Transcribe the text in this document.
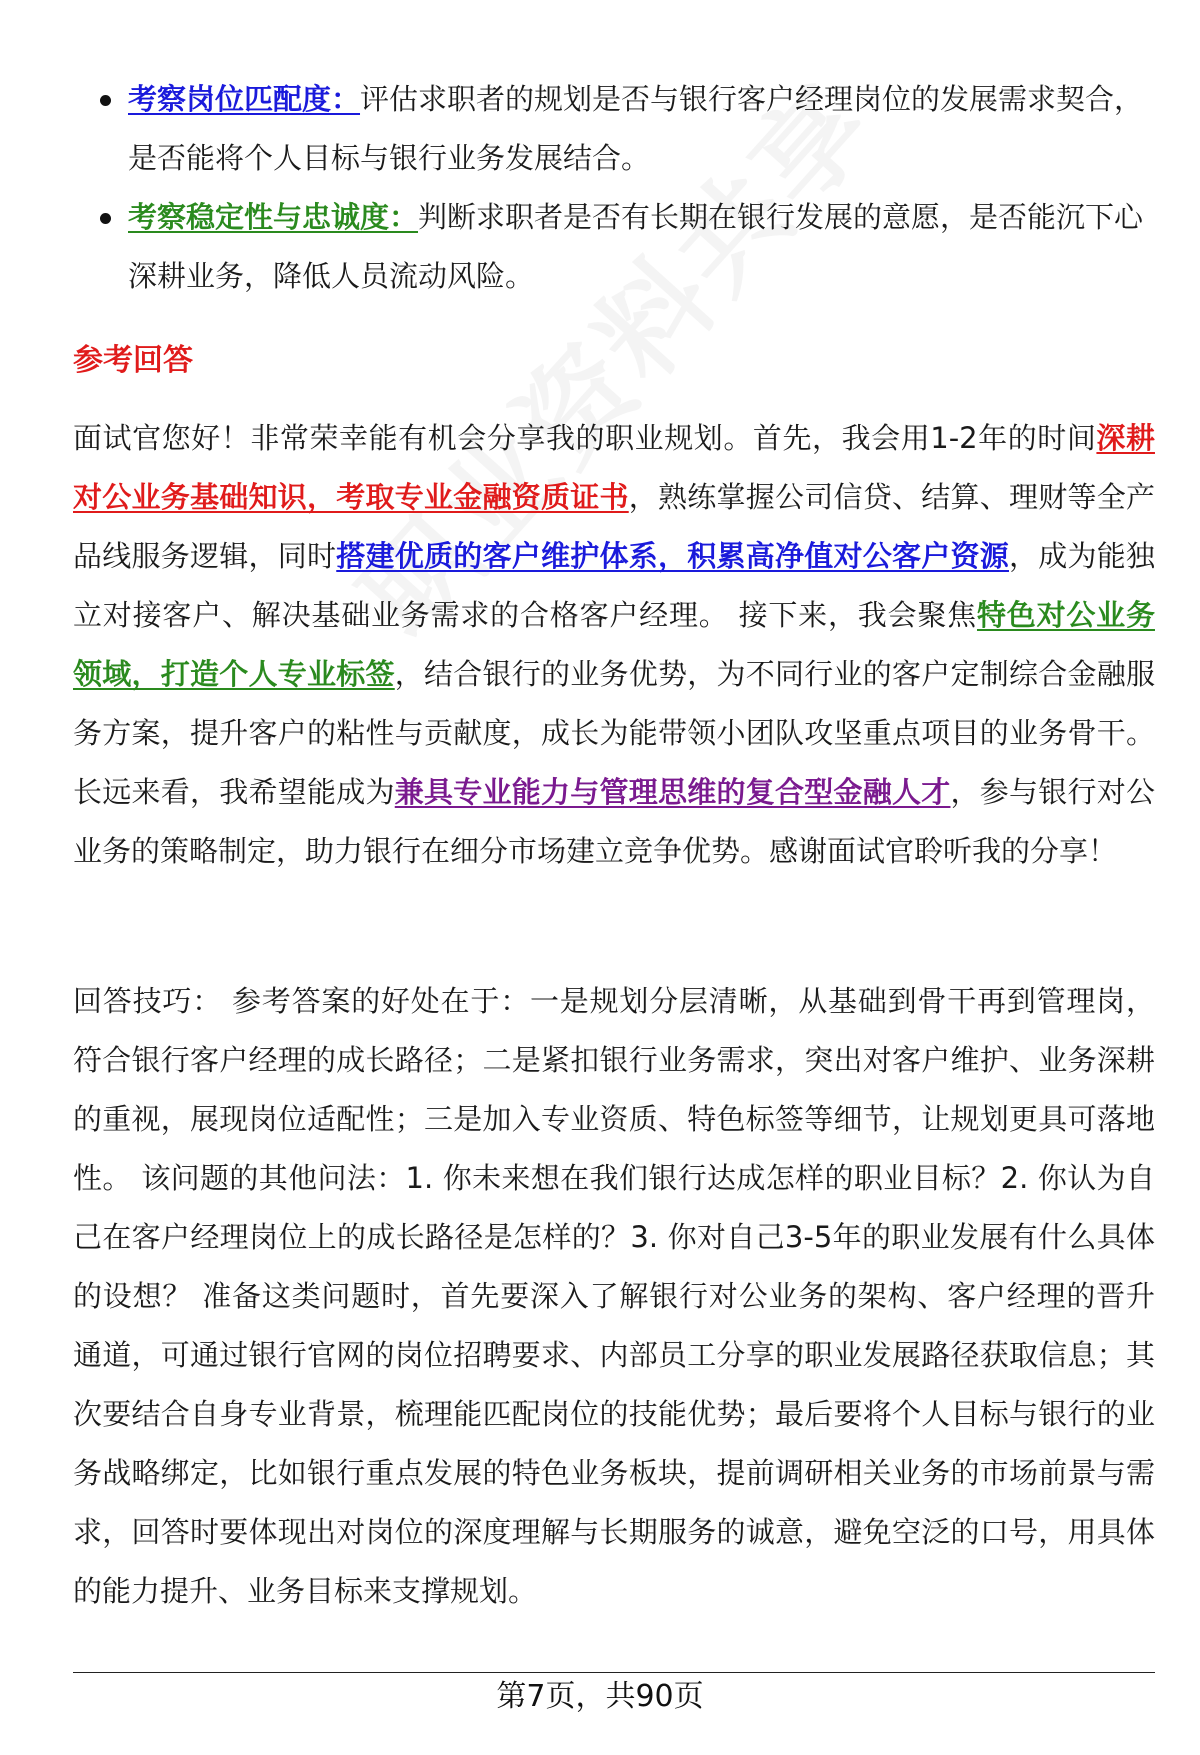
考察岗位匹配度：评估求职者的规划是否与银行客户经理岗位的发展需求契合，是否能将个人目标与银行业务发展结合。
考察稳定性与忠诚度：判断求职者是否有长期在银行发展的意愿，是否能沉下心深耕业务，降低人员流动风险。
参考回答

面试官您好！非常荣幸能有机会分享我的职业规划。首先，我会用1-2年的时间深耕对公业务基础知识，考取专业金融资质证书，熟练掌握公司信贷、结算、理财等全产品线服务逻辑，同时搭建优质的客户维护体系，积累高净值对公客户资源，成为能独立对接客户、解决基础业务需求的合格客户经理。 接下来，我会聚焦特色对公业务领域，打造个人专业标签，结合银行的业务优势，为不同行业的客户定制综合金融服务方案，提升客户的粘性与贡献度，成长为能带领小团队攻坚重点项目的业务骨干。 长远来看，我希望能成为兼具专业能力与管理思维的复合型金融人才，参与银行对公业务的策略制定，助力银行在细分市场建立竞争优势。感谢面试官聆听我的分享！

回答技巧： 参考答案的好处在于：一是规划分层清晰，从基础到骨干再到管理岗，符合银行客户经理的成长路径；二是紧扣银行业务需求，突出对客户维护、业务深耕的重视，展现岗位适配性；三是加入专业资质、特色标签等细节，让规划更具可落地性。 该问题的其他问法：1. 你未来想在我们银行达成怎样的职业目标？2. 你认为自己在客户经理岗位上的成长路径是怎样的？3. 你对自己3-5年的职业发展有什么具体的设想？ 准备这类问题时，首先要深入了解银行对公业务的架构、客户经理的晋升通道，可通过银行官网的岗位招聘要求、内部员工分享的职业发展路径获取信息；其次要结合自身专业背景，梳理能匹配岗位的技能优势；最后要将个人目标与银行的业务战略绑定，比如银行重点发展的特色业务板块，提前调研相关业务的市场前景与需求，回答时要体现出对岗位的深度理解与长期服务的诚意，避免空泛的口号，用具体的能力提升、业务目标来支撑规划。

第7页，共90页
